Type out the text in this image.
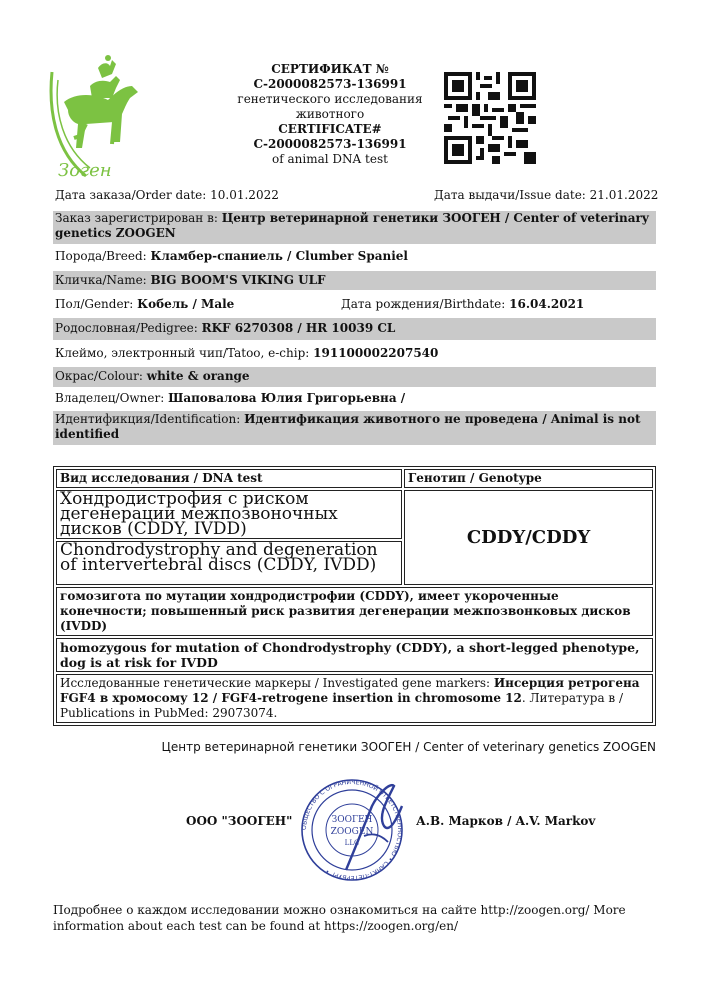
Зоген
СЕРТИФИКАТ №
С-2000082573-136991
генетического исследования
животного
CERTIFICATE#
С-2000082573-136991
of animal DNA test
Дата заказа/Order date: 10.01.2022	Дата выдачи/Issue date: 21.01.2022
Заказ зарегистрирован в: Центр ветеринарной генетики ЗООГЕН / Center of veterinary genetics ZOOGEN
Порода/Breed: Кламбер-спаниель / Clumber Spaniel
Кличка/Name: BIG BOOM'S VIKING ULF
Пол/Gender: Кобель / Male	Дата рождения/Birthdate: 16.04.2021
Родословная/Pedigree: RKF 6270308 / HR 10039 CL
Клеймо, электронный чип/Tatoo, e-chip: 191100002207540
Окрас/Colour: white & orange
Владелец/Owner: Шаповалова Юлия Григорьевна /
Идентификция/Identification: Идентификация животного не проведена / Animal is not identified
Вид исследования / DNA test	Генотип / Genotype
Хондродистрофия с риском дегенерации межпозвоночных дисков (CDDY, IVDD)	CDDY/CDDY
Chondrodystrophy and degeneration of intervertebral discs (CDDY, IVDD)	
гомозигота по мутации хондродистрофии (CDDY), имеет укороченные конечности; повышенный риск развития дегенерации межпозвонковых дисков (IVDD)	
homozygous for mutation of Chondrodystrophy (CDDY), a short-legged phenotype, dog is at risk for IVDD	
Исследованные генетические маркеры / Investigated gene markers: Инсерция ретрогена FGF4 в хромосому 12 / FGF4-retrogene insertion in chromosome 12. Литература в / Publications in PubMed: 29073074.	
Центр ветеринарной генетики ЗООГЕН / Center of veterinary genetics ZOOGEN
ОБЩЕСТВО С ОГРАНИЧЕННОЙ ОТВЕТСТВЕННОСТЬЮ • САНКТ-ПЕТЕРБУРГ •
ЗООГЕН
ZOOGEN
LLC
ООО "ЗООГЕН"	А.В. Марков / A.V. Markov
Подробнее о каждом исследовании можно ознакомиться на сайте http://zoogen.org/ More information about each test can be found at https://zoogen.org/en/
